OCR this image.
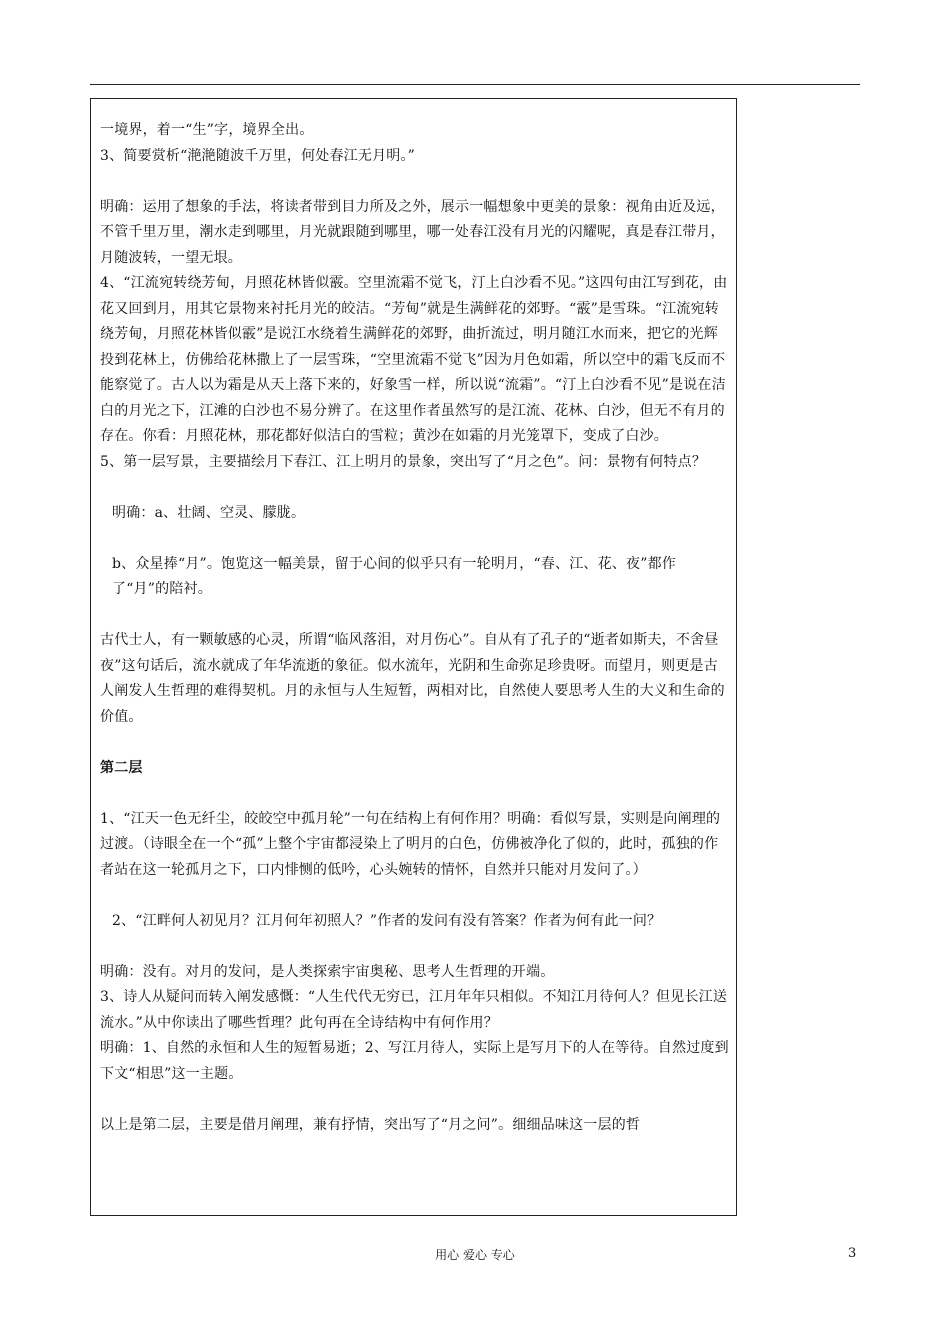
一境界，着一“生”字，境界全出。

3、简要赏析“滟滟随波千万里，何处春江无月明。”

明确：运用了想象的手法，将读者带到目力所及之外，展示一幅想象中更美的景象：视角由近及远，不管千里万里，潮水走到哪里，月光就跟随到哪里，哪一处春江没有月光的闪耀呢，真是春江带月，月随波转，一望无垠。

4、“江流宛转绕芳甸，月照花林皆似霰。空里流霜不觉飞，汀上白沙看不见。”这四句由江写到花，由花又回到月，用其它景物来衬托月光的皎洁。“芳甸”就是生满鲜花的郊野。“霰”是雪珠。“江流宛转绕芳甸，月照花林皆似霰”是说江水绕着生满鲜花的郊野，曲折流过，明月随江水而来，把它的光辉投到花林上，仿佛给花林撒上了一层雪珠，“空里流霜不觉飞”因为月色如霜，所以空中的霜飞反而不能察觉了。古人以为霜是从天上落下来的，好象雪一样，所以说“流霜”。“汀上白沙看不见”是说在洁白的月光之下，江滩的白沙也不易分辨了。在这里作者虽然写的是江流、花林、白沙，但无不有月的存在。你看：月照花林，那花都好似洁白的雪粒；黄沙在如霜的月光笼罩下，变成了白沙。

5、第一层写景，主要描绘月下春江、江上明月的景象，突出写了“月之色”。问：景物有何特点？

明确：a、壮阔、空灵、朦胧。

b、众星捧“月”。饱览这一幅美景，留于心间的似乎只有一轮明月，“春、江、花、夜”都作了“月”的陪衬。

古代士人，有一颗敏感的心灵，所谓“临风落泪，对月伤心”。自从有了孔子的“逝者如斯夫，不舍昼夜”这句话后，流水就成了年华流逝的象征。似水流年，光阴和生命弥足珍贵呀。而望月，则更是古人阐发人生哲理的难得契机。月的永恒与人生短暂，两相对比，自然使人要思考人生的大义和生命的价值。

第二层

1、“江天一色无纤尘，皎皎空中孤月轮”一句在结构上有何作用？明确：看似写景，实则是向阐理的过渡。（诗眼全在一个“孤”上整个宇宙都浸染上了明月的白色，仿佛被净化了似的，此时，孤独的作者站在这一轮孤月之下，口内悱恻的低吟，心头婉转的情怀，自然并只能对月发问了。）

2、“江畔何人初见月？江月何年初照人？”作者的发问有没有答案？作者为何有此一问？

明确：没有。对月的发问，是人类探索宇宙奥秘、思考人生哲理的开端。

3、诗人从疑问而转入阐发感慨：“人生代代无穷已，江月年年只相似。不知江月待何人？但见长江送流水。”从中你读出了哪些哲理？此句再在全诗结构中有何作用？

明确：1、自然的永恒和人生的短暂易逝；2、写江月待人，实际上是写月下的人在等待。自然过度到下文“相思”这一主题。

以上是第二层，主要是借月阐理，兼有抒情，突出写了“月之问”。细细品味这一层的哲

用心 爱心 专心	3
